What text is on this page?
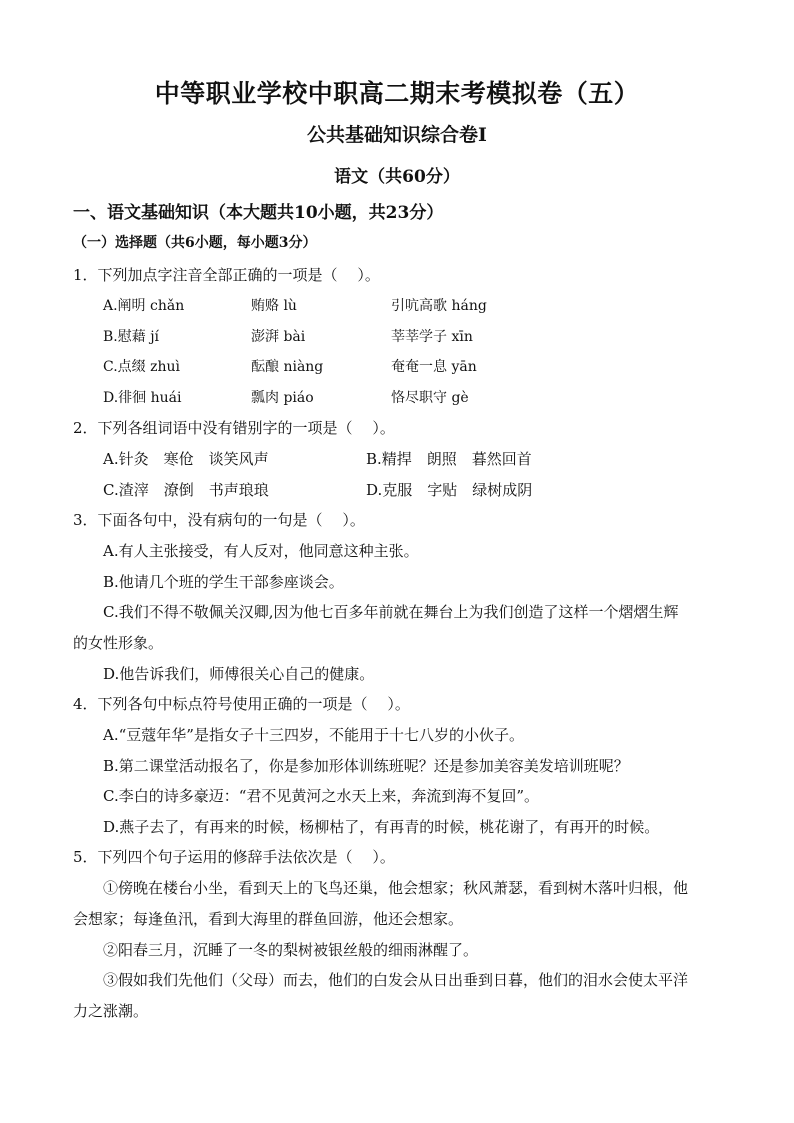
中等职业学校中职高二期末考模拟卷（五）
公共基础知识综合卷Ⅰ
语文（共60分）
一、语文基础知识（本大题共10小题，共23分）
（一）选择题（共6小题，每小题3分）
1．下列加点字注音全部正确的一项是（　 ）。
A.阐明 chǎn	贿赂 lù	引吭高歌 háng
B.慰藉 jí	澎湃 bài	莘莘学子 xīn
C.点缀 zhuì	酝酿 niàng	奄奄一息 yān
D.徘徊 huái	瓢肉 piáo	恪尽职守 gè
2．下列各组词语中没有错别字的一项是（　 ）。
A.针灸　寒伧　谈笑风声	B.精捍　朗照　暮然回首
C.渣滓　潦倒　书声琅琅	D.克服　字贴　绿树成阴
3．下面各句中，没有病句的一句是（　 ）。
A.有人主张接受，有人反对，他同意这种主张。
B.他请几个班的学生干部参座谈会。
C.我们不得不敬佩关汉卿,因为他七百多年前就在舞台上为我们创造了这样一个熠熠生辉
的女性形象。
D.他告诉我们，师傅很关心自己的健康。
4．下列各句中标点符号使用正确的一项是（　 ）。
A.“豆蔻年华”是指女子十三四岁，不能用于十七八岁的小伙子。
B.第二课堂活动报名了，你是参加形体训练班呢？还是参加美容美发培训班呢？
C.李白的诗多豪迈：“君不见黄河之水天上来，奔流到海不复回”。
D.燕子去了，有再来的时候，杨柳枯了，有再青的时候，桃花谢了，有再开的时候。
5．下列四个句子运用的修辞手法依次是（　 ）。
①傍晚在楼台小坐，看到天上的飞鸟还巢，他会想家；秋风萧瑟，看到树木落叶归根，他
会想家；每逢鱼汛，看到大海里的群鱼回游，他还会想家。
②阳春三月，沉睡了一冬的梨树被银丝般的细雨淋醒了。
③假如我们先他们（父母）而去，他们的白发会从日出垂到日暮，他们的泪水会使太平洋
力之涨潮。
